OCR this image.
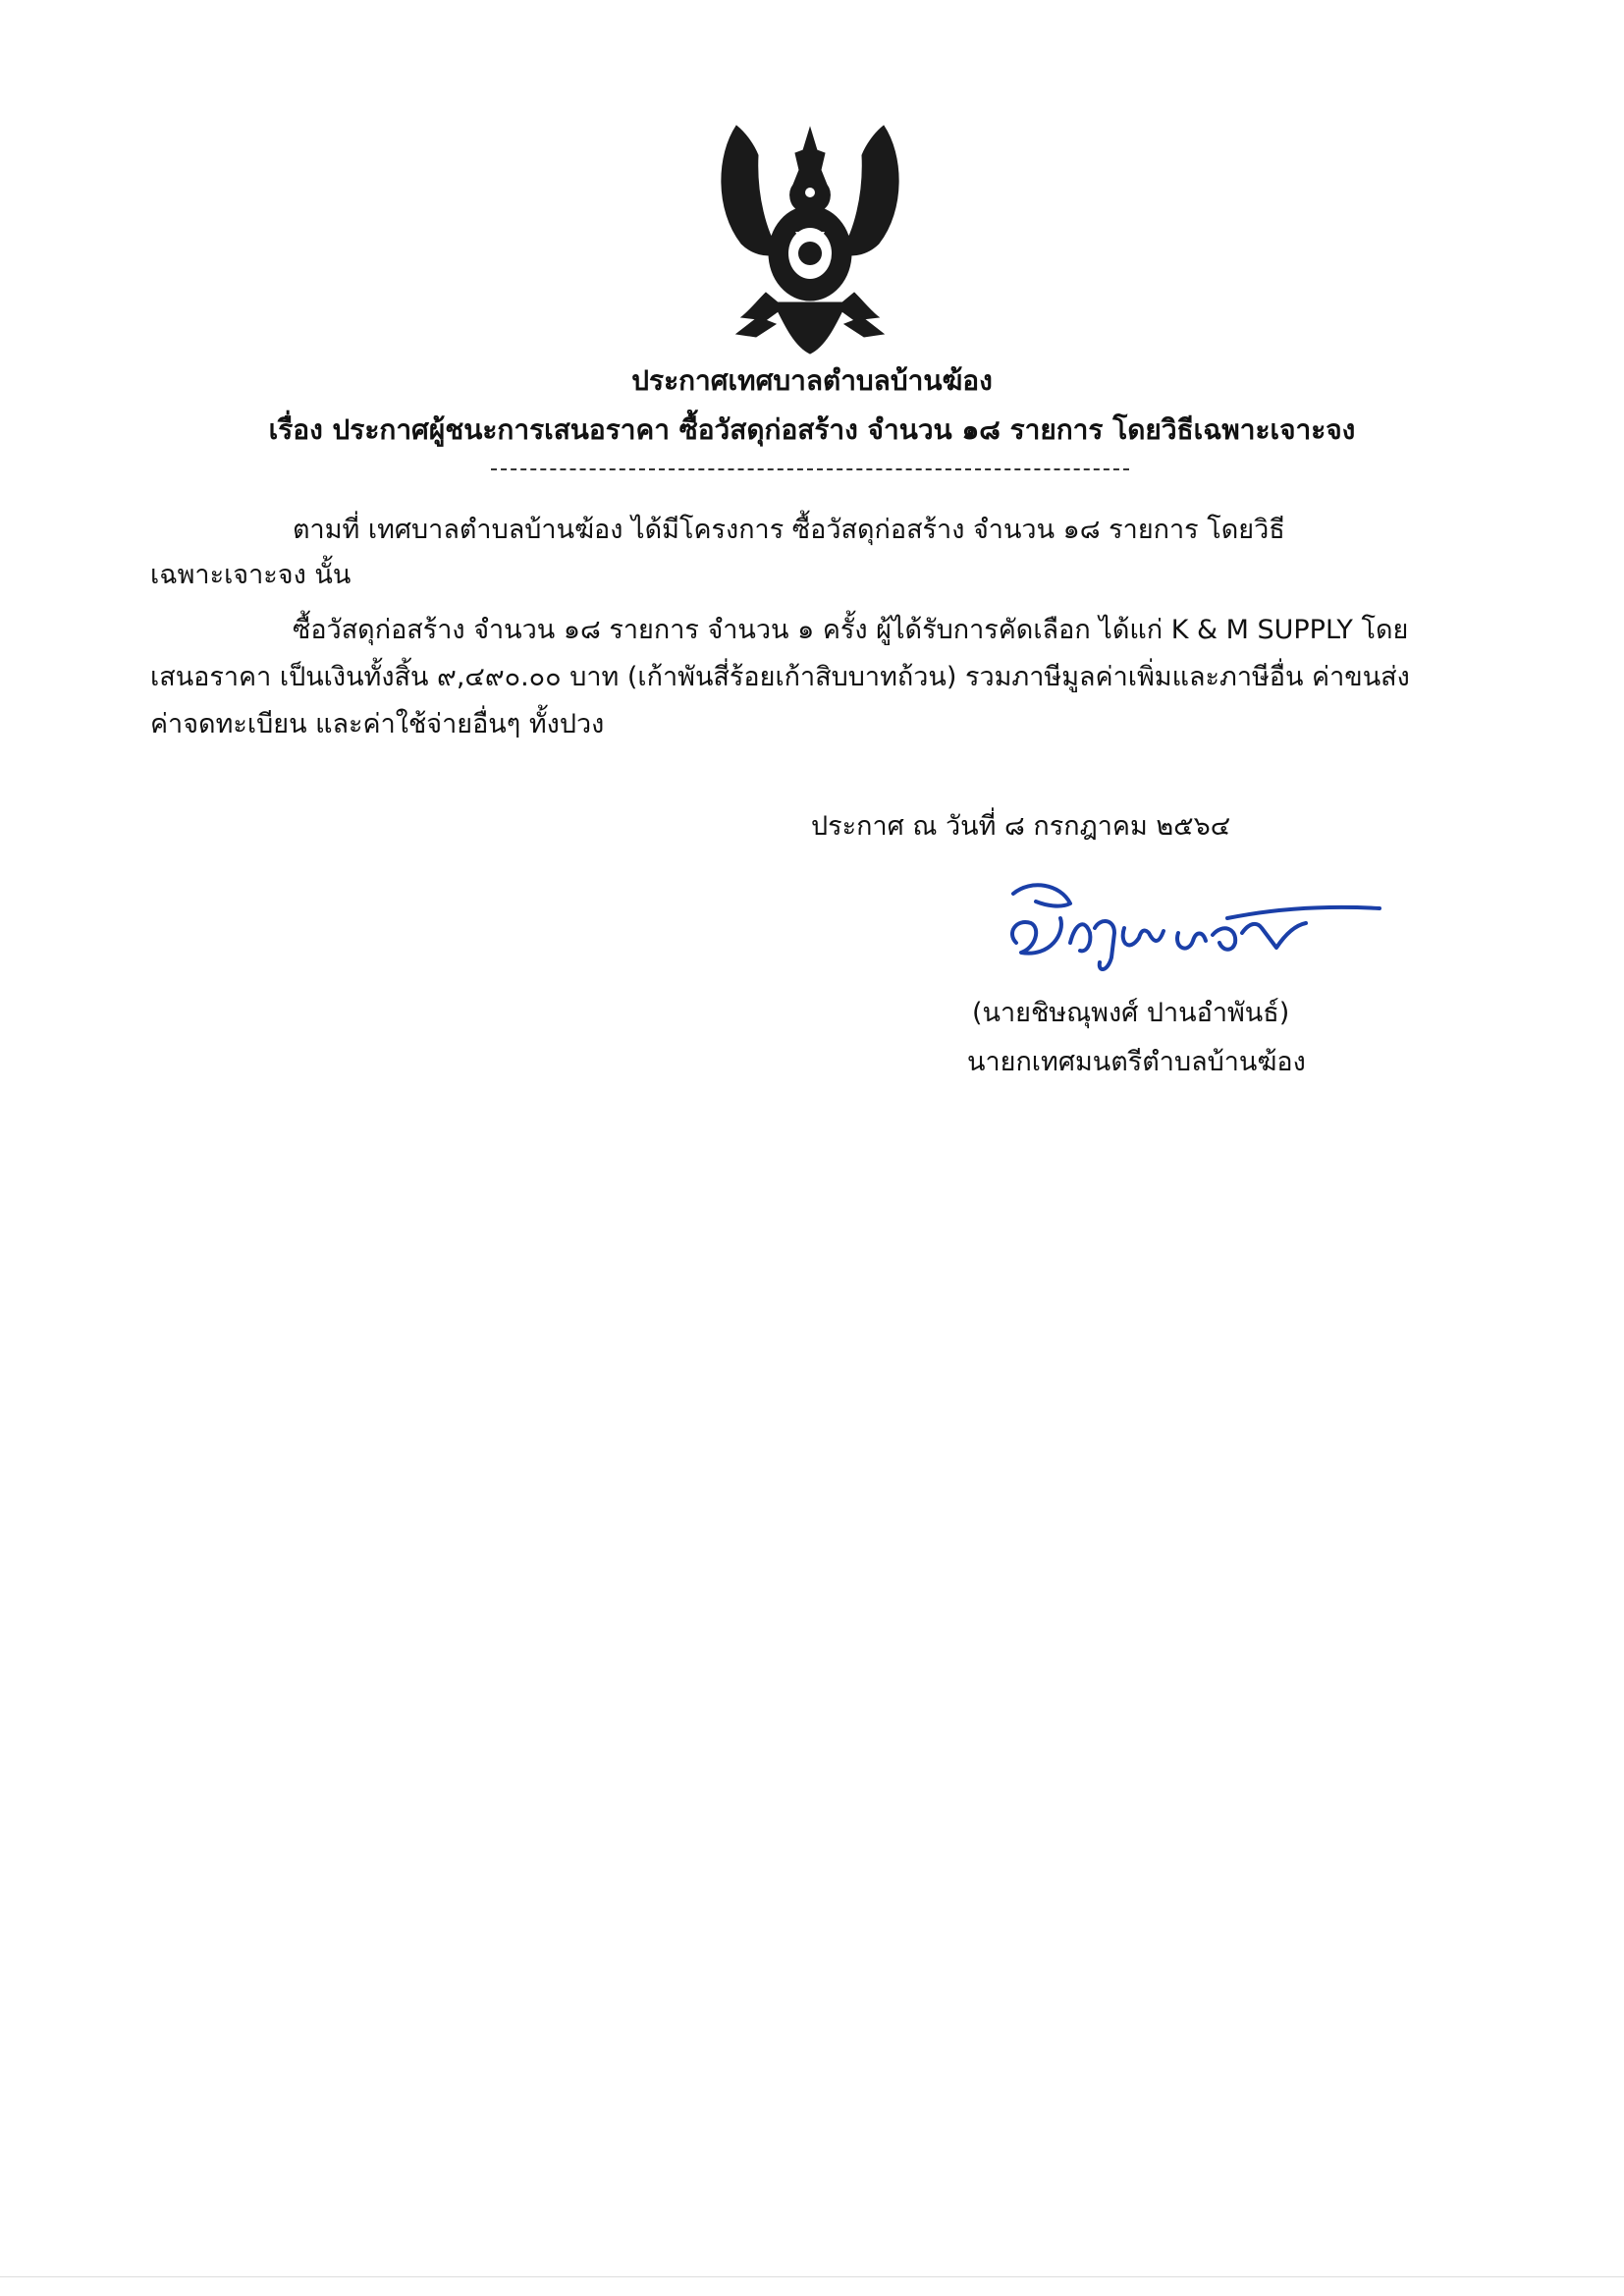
ประกาศเทศบาลตำบลบ้านฆ้อง
เรื่อง ประกาศผู้ชนะการเสนอราคา ซื้อวัสดุก่อสร้าง จำนวน ๑๘ รายการ โดยวิธีเฉพาะเจาะจง
ตามที่ เทศบาลตำบลบ้านฆ้อง ได้มีโครงการ ซื้อวัสดุก่อสร้าง จำนวน ๑๘ รายการ โดยวิธี
เฉพาะเจาะจง นั้น
ซื้อวัสดุก่อสร้าง จำนวน ๑๘ รายการ จำนวน ๑ ครั้ง ผู้ได้รับการคัดเลือก ได้แก่ K & M SUPPLY โดย
เสนอราคา เป็นเงินทั้งสิ้น ๙,๔๙๐.๐๐ บาท (เก้าพันสี่ร้อยเก้าสิบบาทถ้วน) รวมภาษีมูลค่าเพิ่มและภาษีอื่น ค่าขนส่ง
ค่าจดทะเบียน และค่าใช้จ่ายอื่นๆ ทั้งปวง
ประกาศ ณ วันที่ ๘ กรกฎาคม ๒๕๖๔
(นายชิษณุพงศ์ ปานอำพันธ์)
นายกเทศมนตรีตำบลบ้านฆ้อง
